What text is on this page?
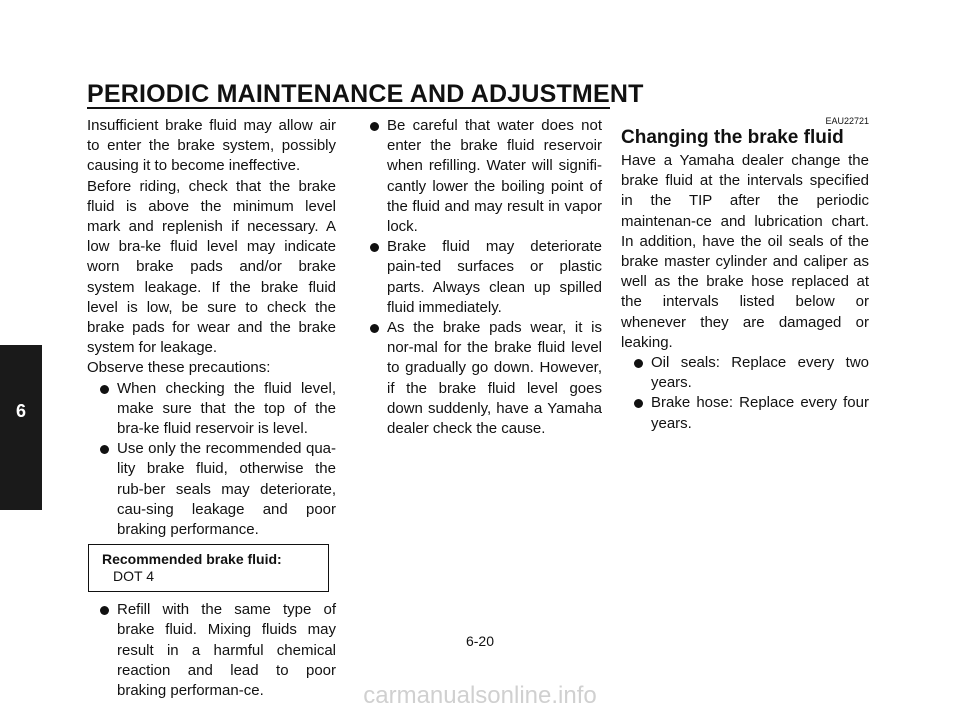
PERIODIC MAINTENANCE AND ADJUSTMENT
6

Insufficient brake fluid may allow air to enter the brake system, possibly causing it to become ineffective.

Before riding, check that the brake fluid is above the minimum level mark and replenish if necessary. A low bra-ke fluid level may indicate worn brake pads and/or brake system leakage. If the brake fluid level is low, be sure to check the brake pads for wear and the brake system for leakage.

Observe these precautions:

When checking the fluid level, make sure that the top of the bra-ke fluid reservoir is level.
Use only the recommended qua-lity brake fluid, otherwise the rub-ber seals may deteriorate, cau-sing leakage and poor braking performance.
Recommended brake fluid:
DOT 4
Refill with the same type of brake fluid. Mixing fluids may result in a harmful chemical reaction and lead to poor braking performan-ce.
Be careful that water does not enter the brake fluid reservoir when refilling. Water will signifi-cantly lower the boiling point of the fluid and may result in vapor lock.
Brake fluid may deteriorate pain-ted surfaces or plastic parts. Always clean up spilled fluid immediately.
As the brake pads wear, it is nor-mal for the brake fluid level to gradually go down. However, if the brake fluid level goes down suddenly, have a Yamaha dealer check the cause.
EAU22721
Changing the brake fluid

Have a Yamaha dealer change the brake fluid at the intervals specified in the TIP after the periodic maintenan-ce and lubrication chart. In addition, have the oil seals of the brake master cylinder and caliper as well as the brake hose replaced at the intervals listed below or whenever they are damaged or leaking.

Oil seals: Replace every two years.
Brake hose: Replace every four years.
6-20
carmanualsonline.info
